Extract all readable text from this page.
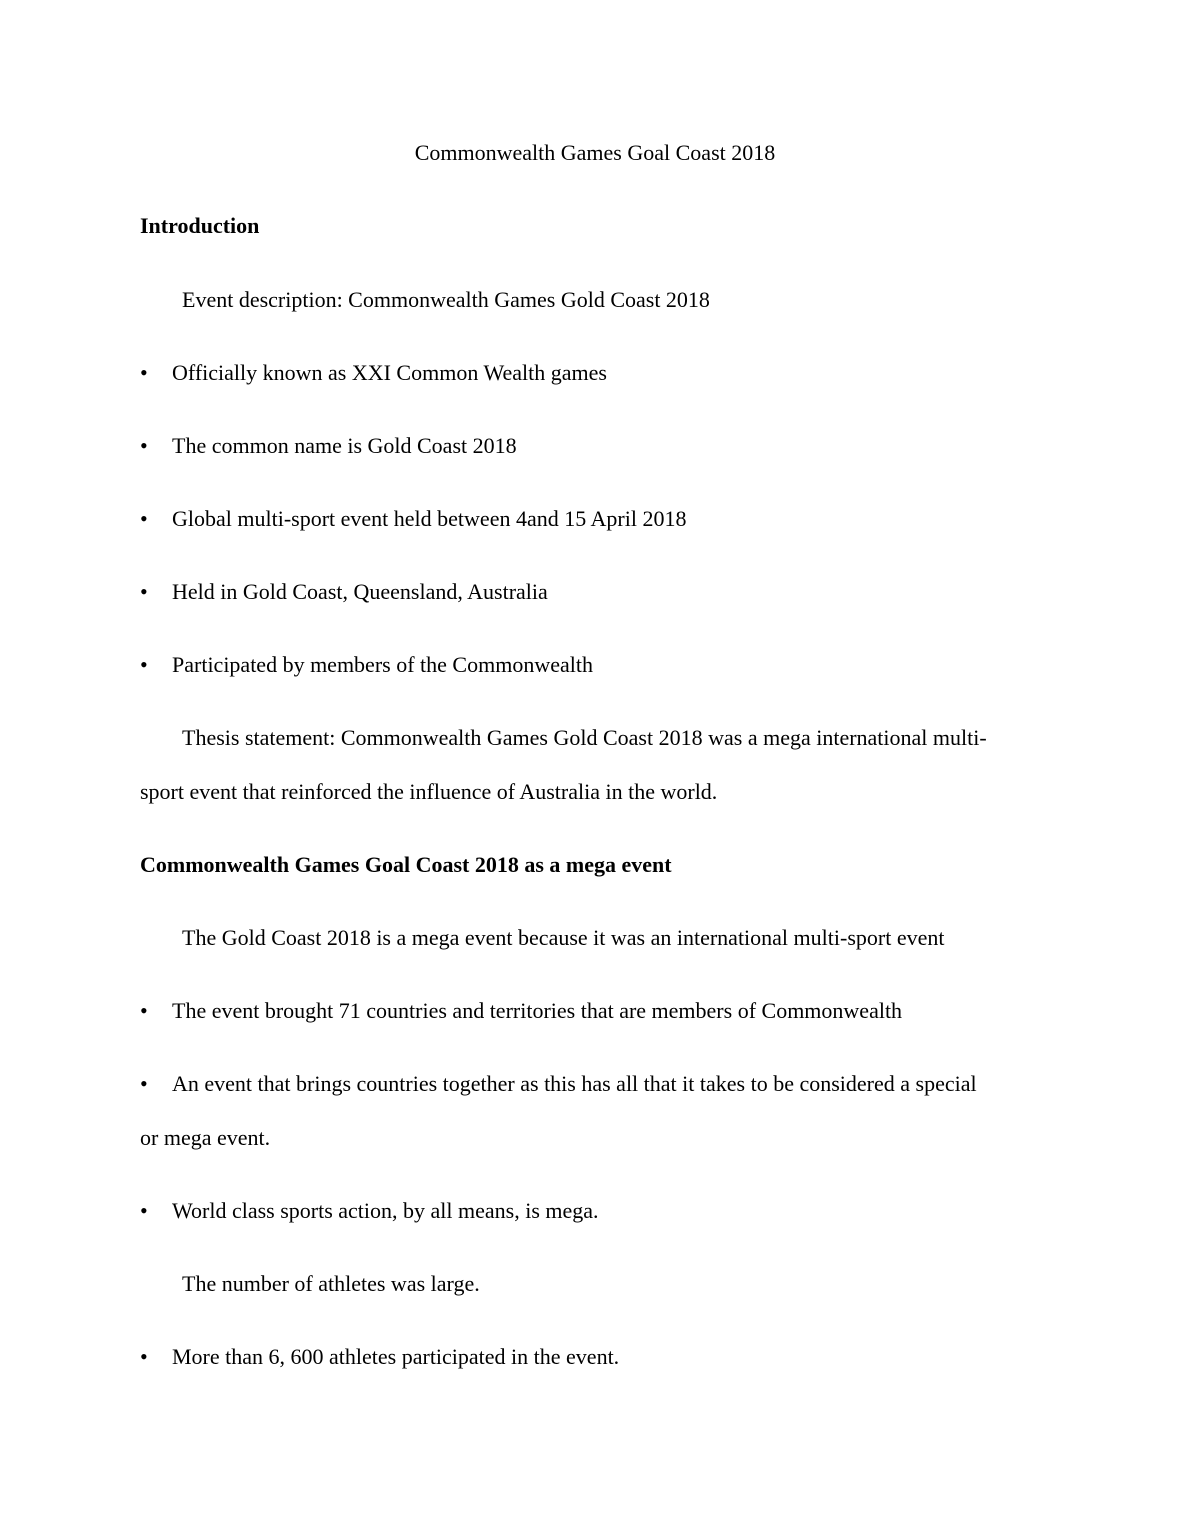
Commonwealth Games Goal Coast 2018
Introduction
Event description: Commonwealth Games Gold Coast 2018
•	Officially known as XXI Common Wealth games
•	The common name is Gold Coast 2018
•	Global multi-sport event held between 4and 15 April 2018
•	Held in Gold Coast, Queensland, Australia
•	Participated by members of the Commonwealth
Thesis statement: Commonwealth Games Gold Coast 2018 was a mega international multi-
sport event that reinforced the influence of Australia in the world.
Commonwealth Games Goal Coast 2018 as a mega event
The Gold Coast 2018 is a mega event because it was an international multi-sport event
•	The event brought 71 countries and territories that are members of Commonwealth
•	An event that brings countries together as this has all that it takes to be considered a special
or mega event.
•	World class sports action, by all means, is mega.
The number of athletes was large.
•	More than 6, 600 athletes participated in the event.
